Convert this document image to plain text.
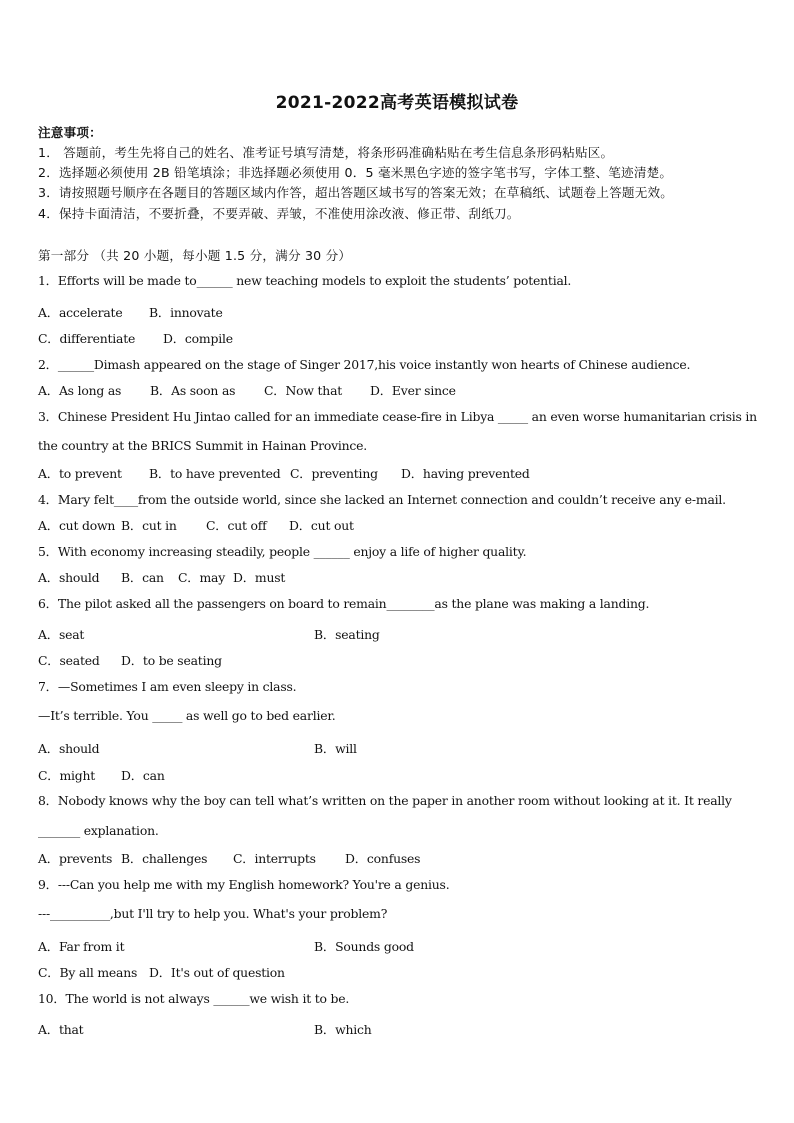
2021-2022高考英语模拟试卷
注意事项：
1． 答题前，考生先将自己的姓名、准考证号填写清楚，将条形码准确粘贴在考生信息条形码粘贴区。
2．选择题必须使用 2B 铅笔填涂；非选择题必须使用 0．5 毫米黑色字迹的签字笔书写，字体工整、笔迹清楚。
3．请按照题号顺序在各题目的答题区域内作答，超出答题区域书写的答案无效；在草稿纸、试题卷上答题无效。
4．保持卡面清洁，不要折叠，不要弄破、弄皱，不准使用涂改液、修正带、刮纸刀。
第一部分 （共 20 小题，每小题 1.5 分，满分 30 分）
1．Efforts will be made to______ new teaching models to exploit the students’ potential.
A．accelerate B．innovate
C．differentiate D．compile
2．______Dimash appeared on the stage of Singer 2017,his voice instantly won hearts of Chinese audience.
A．As long as B．As soon as C．Now that D．Ever since
3．Chinese President Hu Jintao called for an immediate cease-fire in Libya _____ an even worse humanitarian crisis in
the country at the BRICS Summit in Hainan Province.
A．to prevent B．to have prevented C．preventing D．having prevented
4．Mary felt____from the outside world, since she lacked an Internet connection and couldn’t receive any e-mail.
A．cut down B．cut in C．cut off D．cut out
5．With economy increasing steadily, people ______ enjoy a life of higher quality.
A．should B．can C．may D．must
6．The pilot asked all the passengers on board to remain________as the plane was making a landing.
A．seat	B．seating
C．seated D．to be seating
7．—Sometimes I am even sleepy in class.
—It’s terrible. You _____ as well go to bed earlier.
A．should	B．will
C．might D．can
8．Nobody knows why the boy can tell what’s written on the paper in another room without looking at it. It really
_______ explanation.
A．prevents B．challenges C．interrupts D．confuses
9．---Can you help me with my English homework? You're a genius.
---__________,but I'll try to help you. What's your problem?
A．Far from it	B．Sounds good
C．By all means D．It's out of question
10．The world is not always ______we wish it to be.
A．that	B．which
